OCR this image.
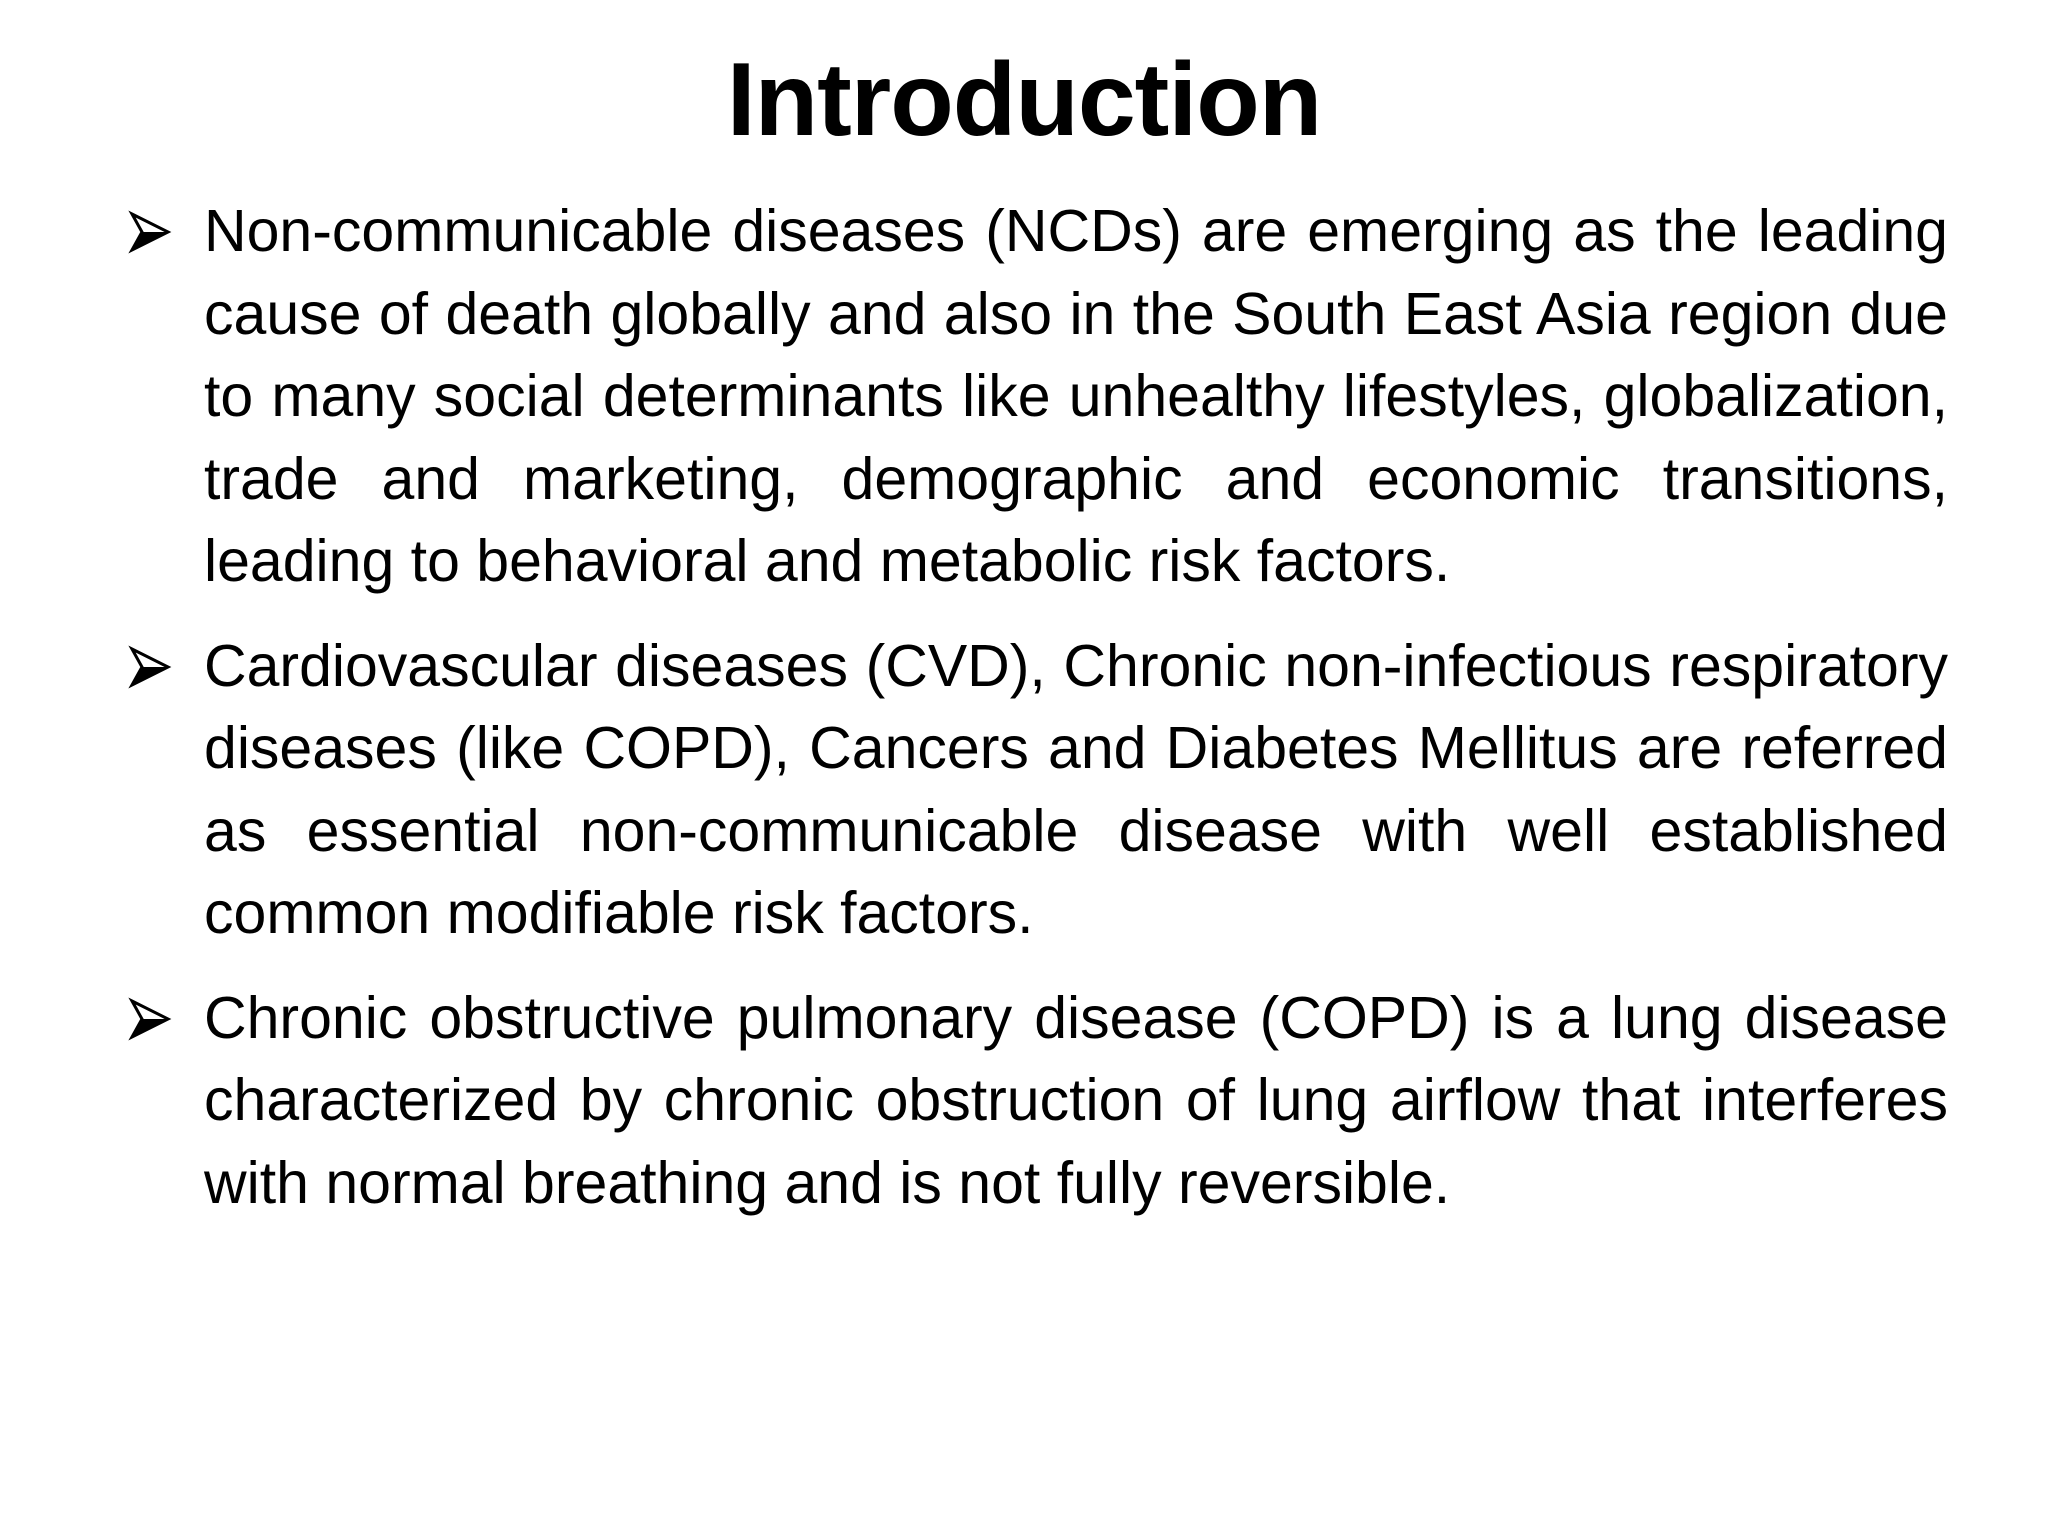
Introduction
Non-communicable diseases (NCDs) are emerging as the leading cause of death globally and also in the South East Asia region due to many social determinants like unhealthy lifestyles, globalization, trade and marketing, demographic and economic transitions, leading to behavioral and metabolic risk factors.
Cardiovascular diseases (CVD), Chronic non-infectious respiratory diseases (like COPD), Cancers and Diabetes Mellitus are referred as essential non-communicable disease with well established common modifiable risk factors.
Chronic obstructive pulmonary disease (COPD) is a lung disease characterized by chronic obstruction of lung airflow that interferes with normal breathing and is not fully reversible.
